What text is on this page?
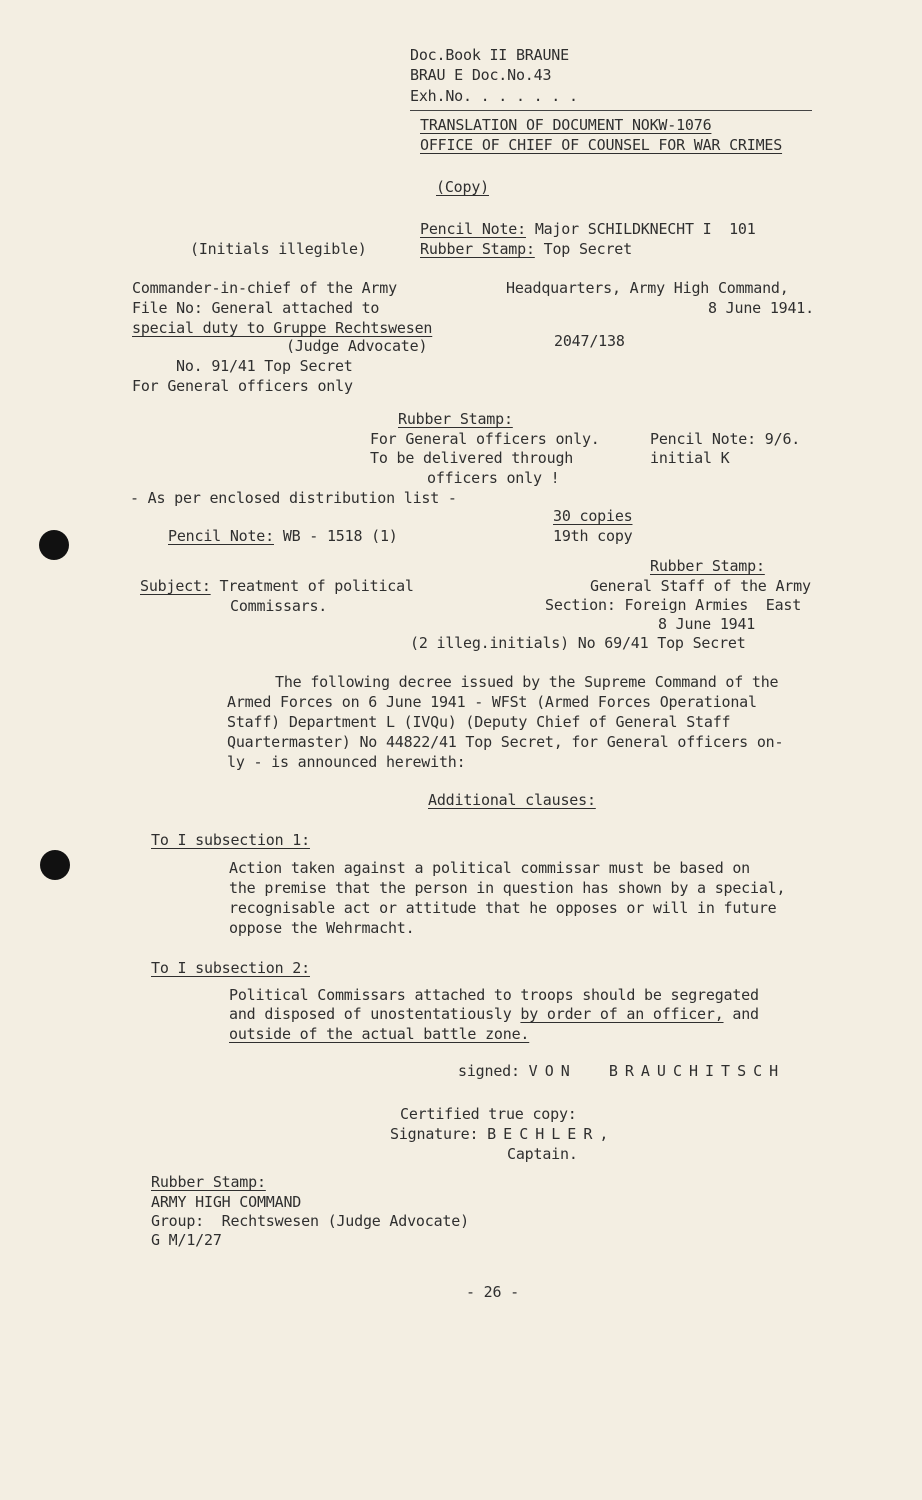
Doc.Book II BRAUNE
BRAU E Doc.No.43
Exh.No. . . . . . .
TRANSLATION OF DOCUMENT NOKW-1076
OFFICE OF CHIEF OF COUNSEL FOR WAR CRIMES
(Copy)
Pencil Note: Major SCHILDKNECHT I  101
(Initials illegible)	Rubber Stamp: Top Secret
Commander-in-chief of the Army
File No: General attached to
special duty to Gruppe Rechtswesen
(Judge Advocate)
No. 91/41 Top Secret
For General officers only
Headquarters, Army High Command,
8 June 1941.
2047/138
Rubber Stamp:
For General officers only.
To be delivered through
officers only !
Pencil Note: 9/6.
initial K
- As per enclosed distribution list -
30 copies
19th copy
Pencil Note: WB - 1518 (1)
Rubber Stamp:
Subject: Treatment of political
Commissars.
General Staff of the Army
Section: Foreign Armies  East
8 June 1941
(2 illeg.initials) No 69/41 Top Secret
The following decree issued by the Supreme Command of the
Armed Forces on 6 June 1941 - WFSt (Armed Forces Operational
Staff) Department L (IVQu) (Deputy Chief of General Staff
Quartermaster) No 44822/41 Top Secret, for General officers on-
ly - is announced herewith:
Additional clauses:
To I subsection 1:
Action taken against a political commissar must be based on
the premise that the person in question has shown by a special,
recognisable act or attitude that he opposes or will in future
oppose the Wehrmacht.
To I subsection 2:
Political Commissars attached to troops should be segregated
and disposed of unostentatiously by order of an officer, and
outside of the actual battle zone.
signed: VON  BRAUCHITSCH
Certified true copy:
Signature: BECHLER,
Captain.
Rubber Stamp:
ARMY HIGH COMMAND
Group:  Rechtswesen (Judge Advocate)
G M/1/27
- 26 -
